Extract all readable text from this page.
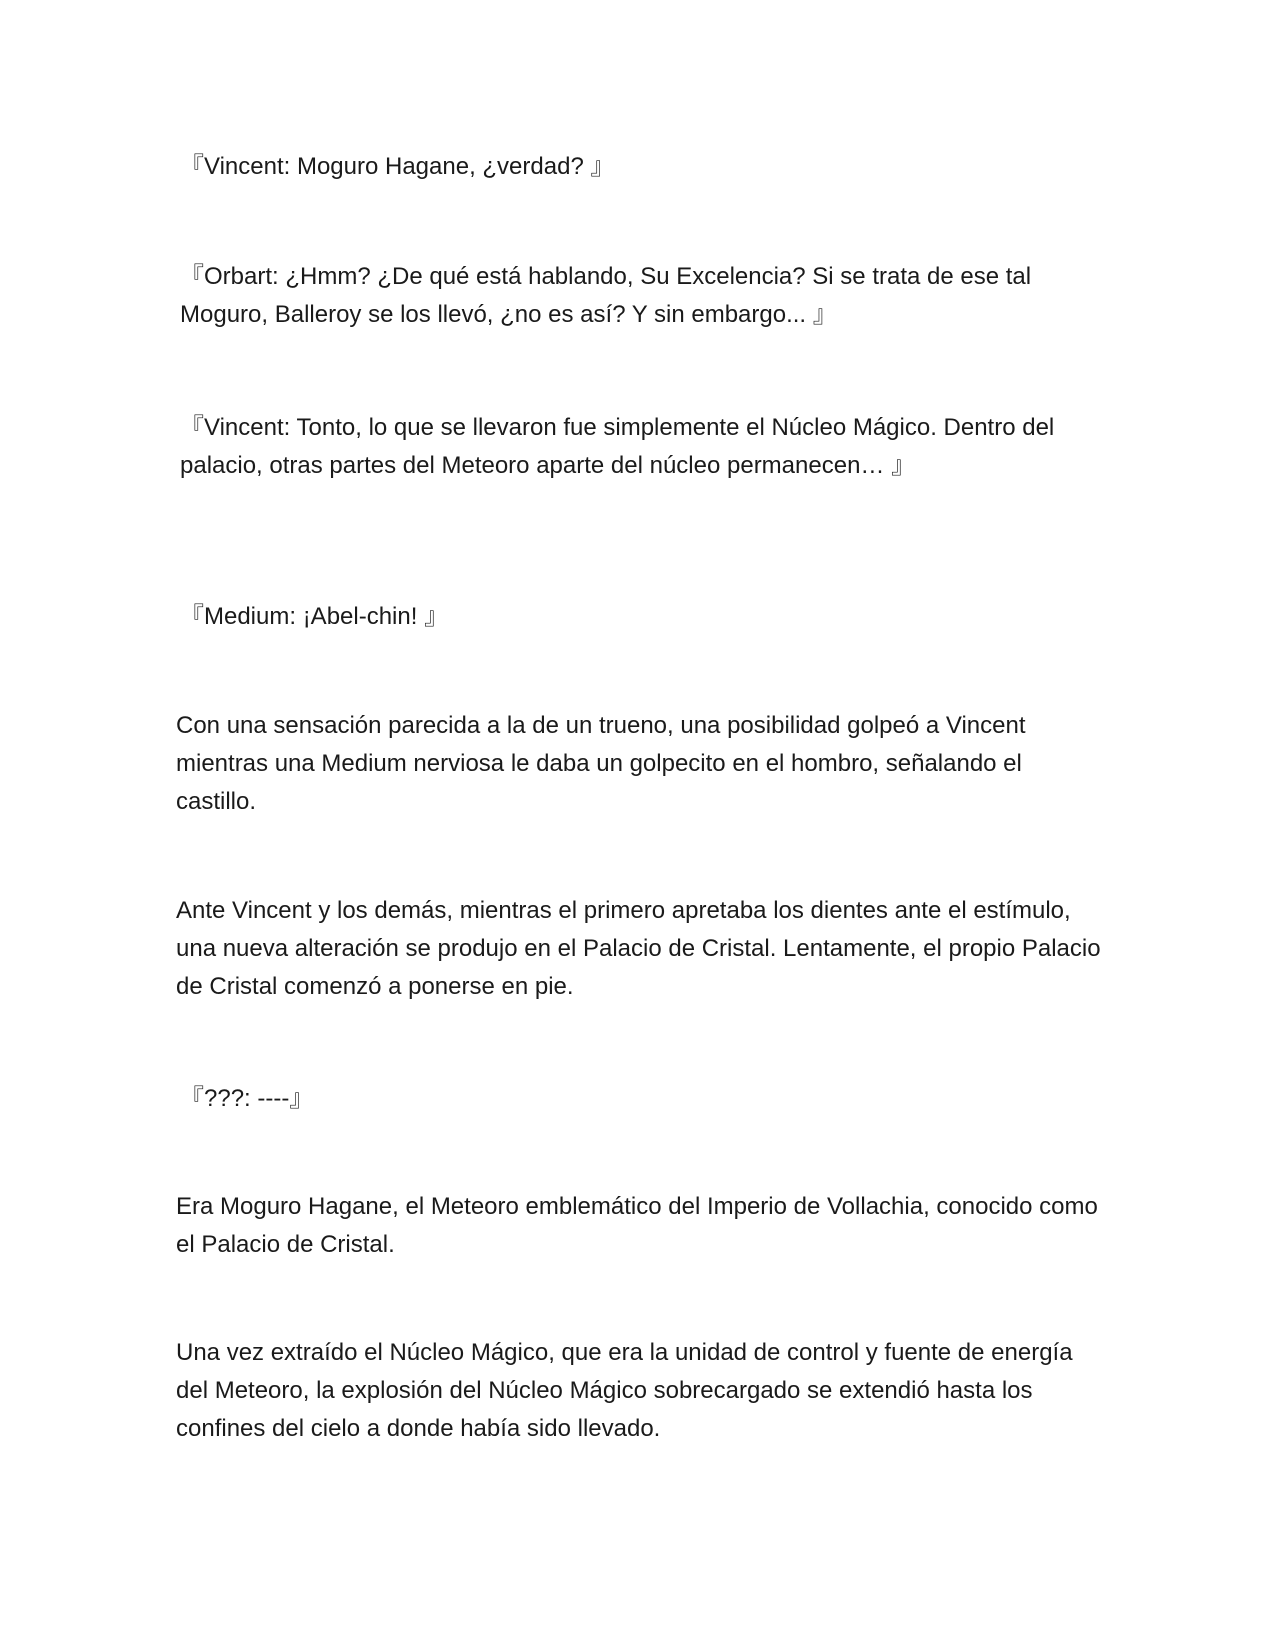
『Vincent: Moguro Hagane, ¿verdad? 』

『Orbart: ¿Hmm? ¿De qué está hablando, Su Excelencia? Si se trata de ese tal Moguro, Balleroy se los llevó, ¿no es así? Y sin embargo... 』

『Vincent: Tonto, lo que se llevaron fue simplemente el Núcleo Mágico. Dentro del palacio, otras partes del Meteoro aparte del núcleo permanecen… 』

『Medium: ¡Abel-chin! 』

Con una sensación parecida a la de un trueno, una posibilidad golpeó a Vincent mientras una Medium nerviosa le daba un golpecito en el hombro, señalando el castillo.

Ante Vincent y los demás, mientras el primero apretaba los dientes ante el estímulo, una nueva alteración se produjo en el Palacio de Cristal. Lentamente, el propio Palacio de Cristal comenzó a ponerse en pie.

『???: ----』

Era Moguro Hagane, el Meteoro emblemático del Imperio de Vollachia, conocido como el Palacio de Cristal.

Una vez extraído el Núcleo Mágico, que era la unidad de control y fuente de energía del Meteoro, la explosión del Núcleo Mágico sobrecargado se extendió hasta los confines del cielo a donde había sido llevado.
